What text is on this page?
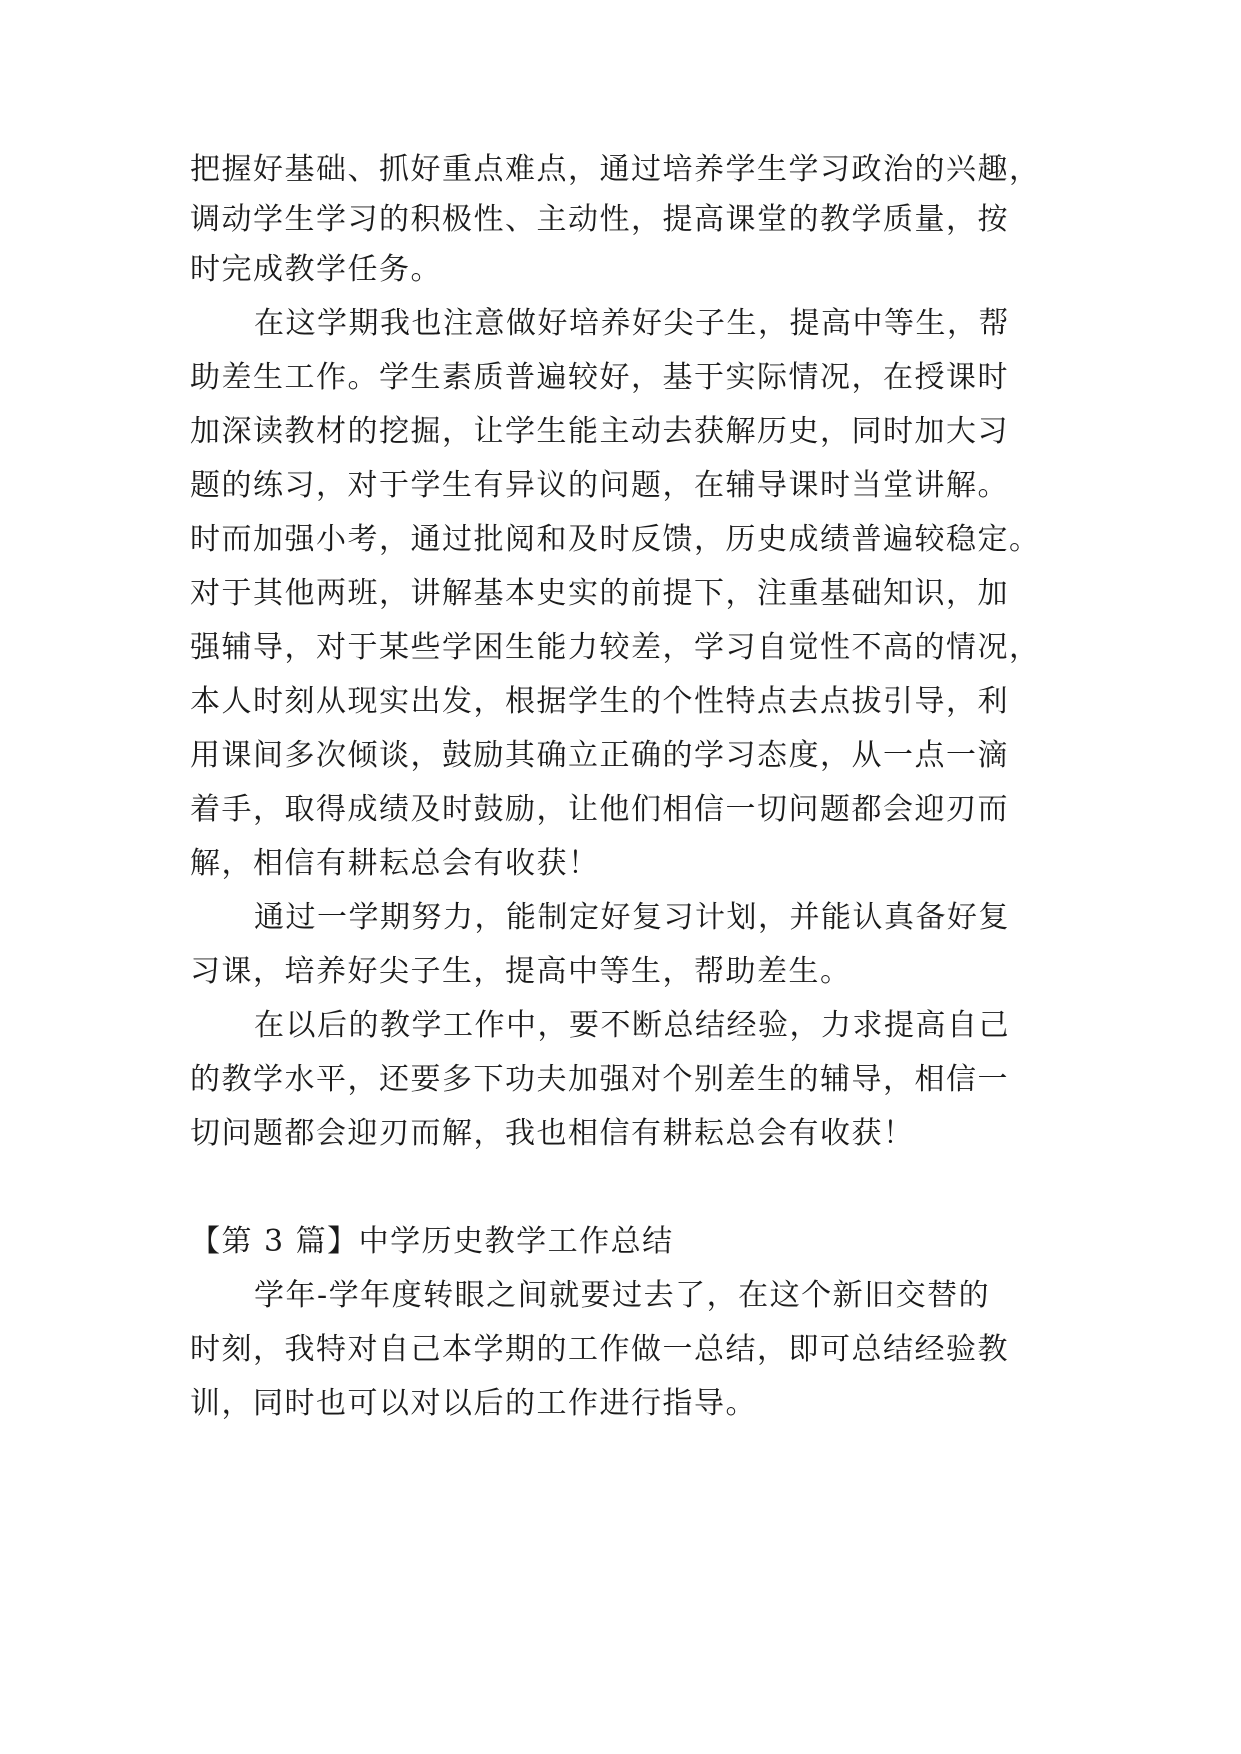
把握好基础、抓好重点难点，通过培养学生学习政治的兴趣，
调动学生学习的积极性、主动性，提高课堂的教学质量，按
时完成教学任务。
在这学期我也注意做好培养好尖子生，提高中等生，帮
助差生工作。学生素质普遍较好，基于实际情况，在授课时
加深读教材的挖掘，让学生能主动去获解历史，同时加大习
题的练习，对于学生有异议的问题，在辅导课时当堂讲解。
时而加强小考，通过批阅和及时反馈，历史成绩普遍较稳定。
对于其他两班，讲解基本史实的前提下，注重基础知识，加
强辅导，对于某些学困生能力较差，学习自觉性不高的情况，
本人时刻从现实出发，根据学生的个性特点去点拔引导，利
用课间多次倾谈，鼓励其确立正确的学习态度，从一点一滴
着手，取得成绩及时鼓励，让他们相信一切问题都会迎刃而
解，相信有耕耘总会有收获！
通过一学期努力，能制定好复习计划，并能认真备好复
习课，培养好尖子生，提高中等生，帮助差生。
在以后的教学工作中，要不断总结经验，力求提高自己
的教学水平，还要多下功夫加强对个别差生的辅导，相信一
切问题都会迎刃而解，我也相信有耕耘总会有收获！
【第 3 篇】中学历史教学工作总结
学年-学年度转眼之间就要过去了，在这个新旧交替的
时刻，我特对自己本学期的工作做一总结，即可总结经验教
训，同时也可以对以后的工作进行指导。
